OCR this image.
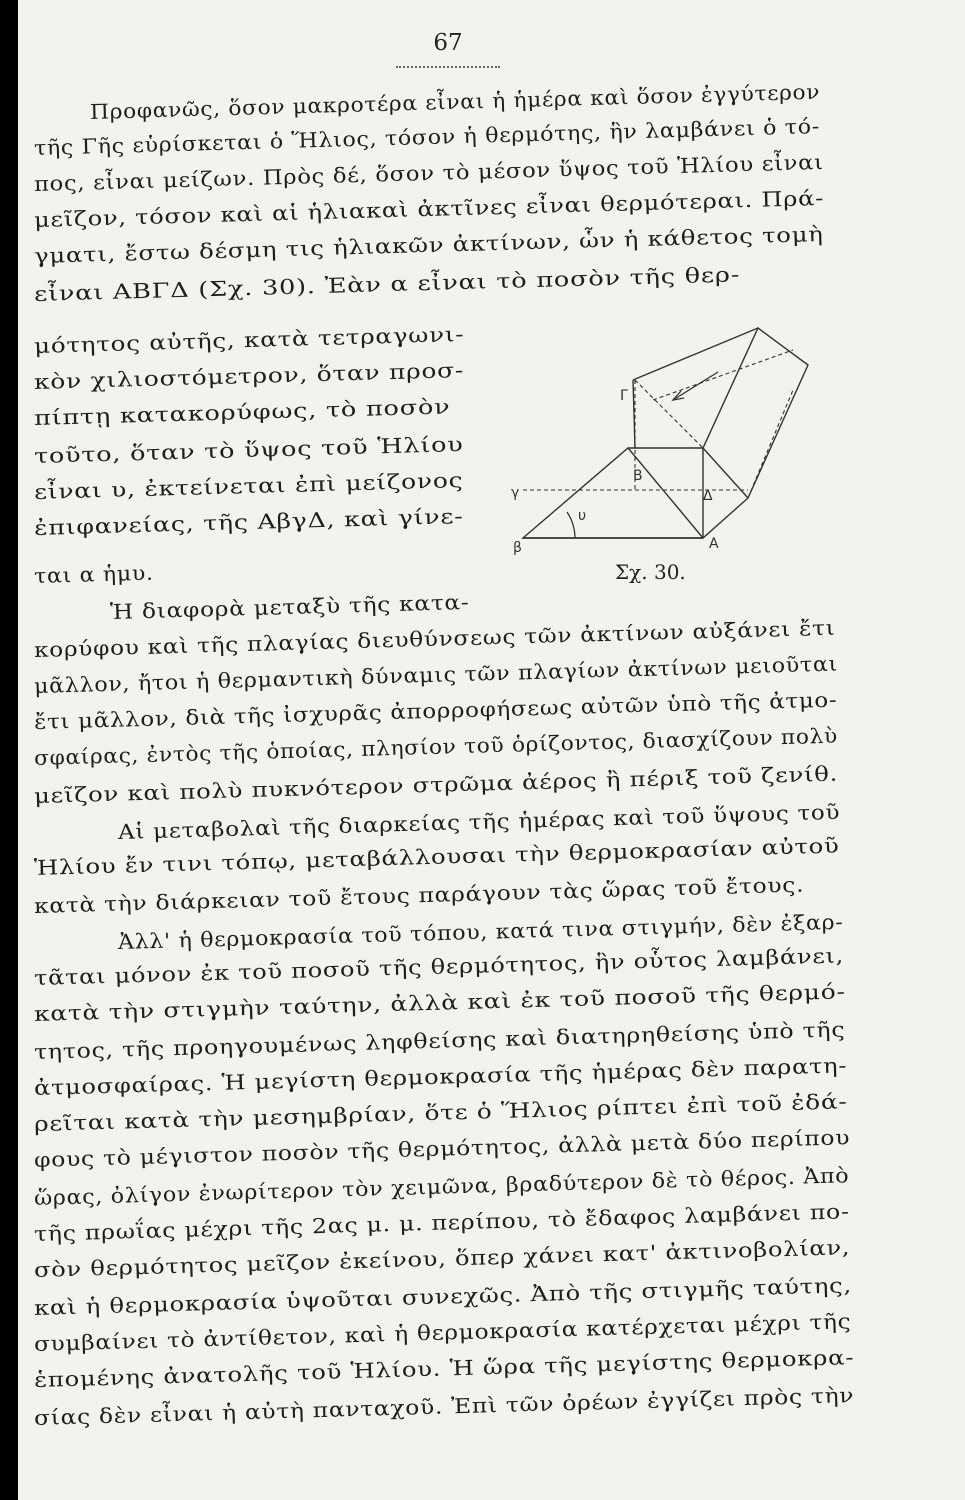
67
Προφανῶς, ὅσον μακροτέρα εἶναι ἡ ἡμέρα καὶ ὅσον ἐγγύτερον
τῆς Γῆς εὑρίσκεται ὁ Ἥλιος, τόσον ἡ θερμότης, ἣν λαμβάνει ὁ τό-
πος, εἶναι μείζων. Πρὸς δέ, ὅσον τὸ μέσον ὕψος τοῦ Ἡλίου εἶναι
μεῖζον, τόσον καὶ αἱ ἡλιακαὶ ἀκτῖνες εἶναι θερμότεραι. Πρά-
γματι, ἔστω δέσμη τις ἡλιακῶν ἀκτίνων, ὧν ἡ κάθετος τομὴ
εἶναι ΑΒΓΔ (Σχ. 30). Ἐὰν α εἶναι τὸ ποσὸν τῆς θερ-
μότητος αὐτῆς, κατὰ τετραγωνι-
κὸν χιλιοστόμετρον, ὅταν προσ-
πίπτῃ κατακορύφως, τὸ ποσὸν
τοῦτο, ὅταν τὸ ὕψος τοῦ Ἡλίου
εἶναι υ, ἐκτείνεται ἐπὶ μείζονος
ἐπιφανείας, τῆς ΑβγΔ, καὶ γίνε-
ται α ἡμυ.
Ἡ διαφορὰ μεταξὺ τῆς κατα-
κορύφου καὶ τῆς πλαγίας διευθύνσεως τῶν ἀκτίνων αὐξάνει ἔτι
μᾶλλον, ἤτοι ἡ θερμαντικὴ δύναμις τῶν πλαγίων ἀκτίνων μειοῦται
ἔτι μᾶλλον, διὰ τῆς ἰσχυρᾶς ἀπορροφήσεως αὐτῶν ὑπὸ τῆς ἀτμο-
σφαίρας, ἐντὸς τῆς ὁποίας, πλησίον τοῦ ὁρίζοντος, διασχίζουν πολὺ
μεῖζον καὶ πολὺ πυκνότερον στρῶμα ἀέρος ἢ πέριξ τοῦ ζενίθ.
Αἱ μεταβολαὶ τῆς διαρκείας τῆς ἡμέρας καὶ τοῦ ὕψους τοῦ
Ἡλίου ἔν τινι τόπῳ, μεταβάλλουσαι τὴν θερμοκρασίαν αὐτοῦ
κατὰ τὴν διάρκειαν τοῦ ἔτους παράγουν τὰς ὥρας τοῦ ἔτους.
Ἀλλ' ἡ θερμοκρασία τοῦ τόπου, κατά τινα στιγμήν, δὲν ἐξαρ-
τᾶται μόνον ἐκ τοῦ ποσοῦ τῆς θερμότητος, ἣν οὗτος λαμβάνει,
κατὰ τὴν στιγμὴν ταύτην, ἀλλὰ καὶ ἐκ τοῦ ποσοῦ τῆς θερμό-
τητος, τῆς προηγουμένως ληφθείσης καὶ διατηρηθείσης ὑπὸ τῆς
ἀτμοσφαίρας. Ἡ μεγίστη θερμοκρασία τῆς ἡμέρας δὲν παρατη-
ρεῖται κατὰ τὴν μεσημβρίαν, ὅτε ὁ Ἥλιος ρίπτει ἐπὶ τοῦ ἐδά-
φους τὸ μέγιστον ποσὸν τῆς θερμότητος, ἀλλὰ μετὰ δύο περίπου
ὥρας, ὀλίγον ἐνωρίτερον τὸν χειμῶνα, βραδύτερον δὲ τὸ θέρος. Ἀπὸ
τῆς πρωΐας μέχρι τῆς 2ας μ. μ. περίπου, τὸ ἔδαφος λαμβάνει πο-
σὸν θερμότητος μεῖζον ἐκείνου, ὅπερ χάνει κατ' ἀκτινοβολίαν,
καὶ ἡ θερμοκρασία ὑψοῦται συνεχῶς. Ἀπὸ τῆς στιγμῆς ταύτης,
συμβαίνει τὸ ἀντίθετον, καὶ ἡ θερμοκρασία κατέρχεται μέχρι τῆς
ἑπομένης ἀνατολῆς τοῦ Ἡλίου. Ἡ ὥρα τῆς μεγίστης θερμοκρα-
σίας δὲν εἶναι ἡ αὐτὴ πανταχοῦ. Ἐπὶ τῶν ὀρέων ἐγγίζει πρὸς τὴν
Γ
Β
Δ
Α
γ
β
υ
Σχ. 30.
